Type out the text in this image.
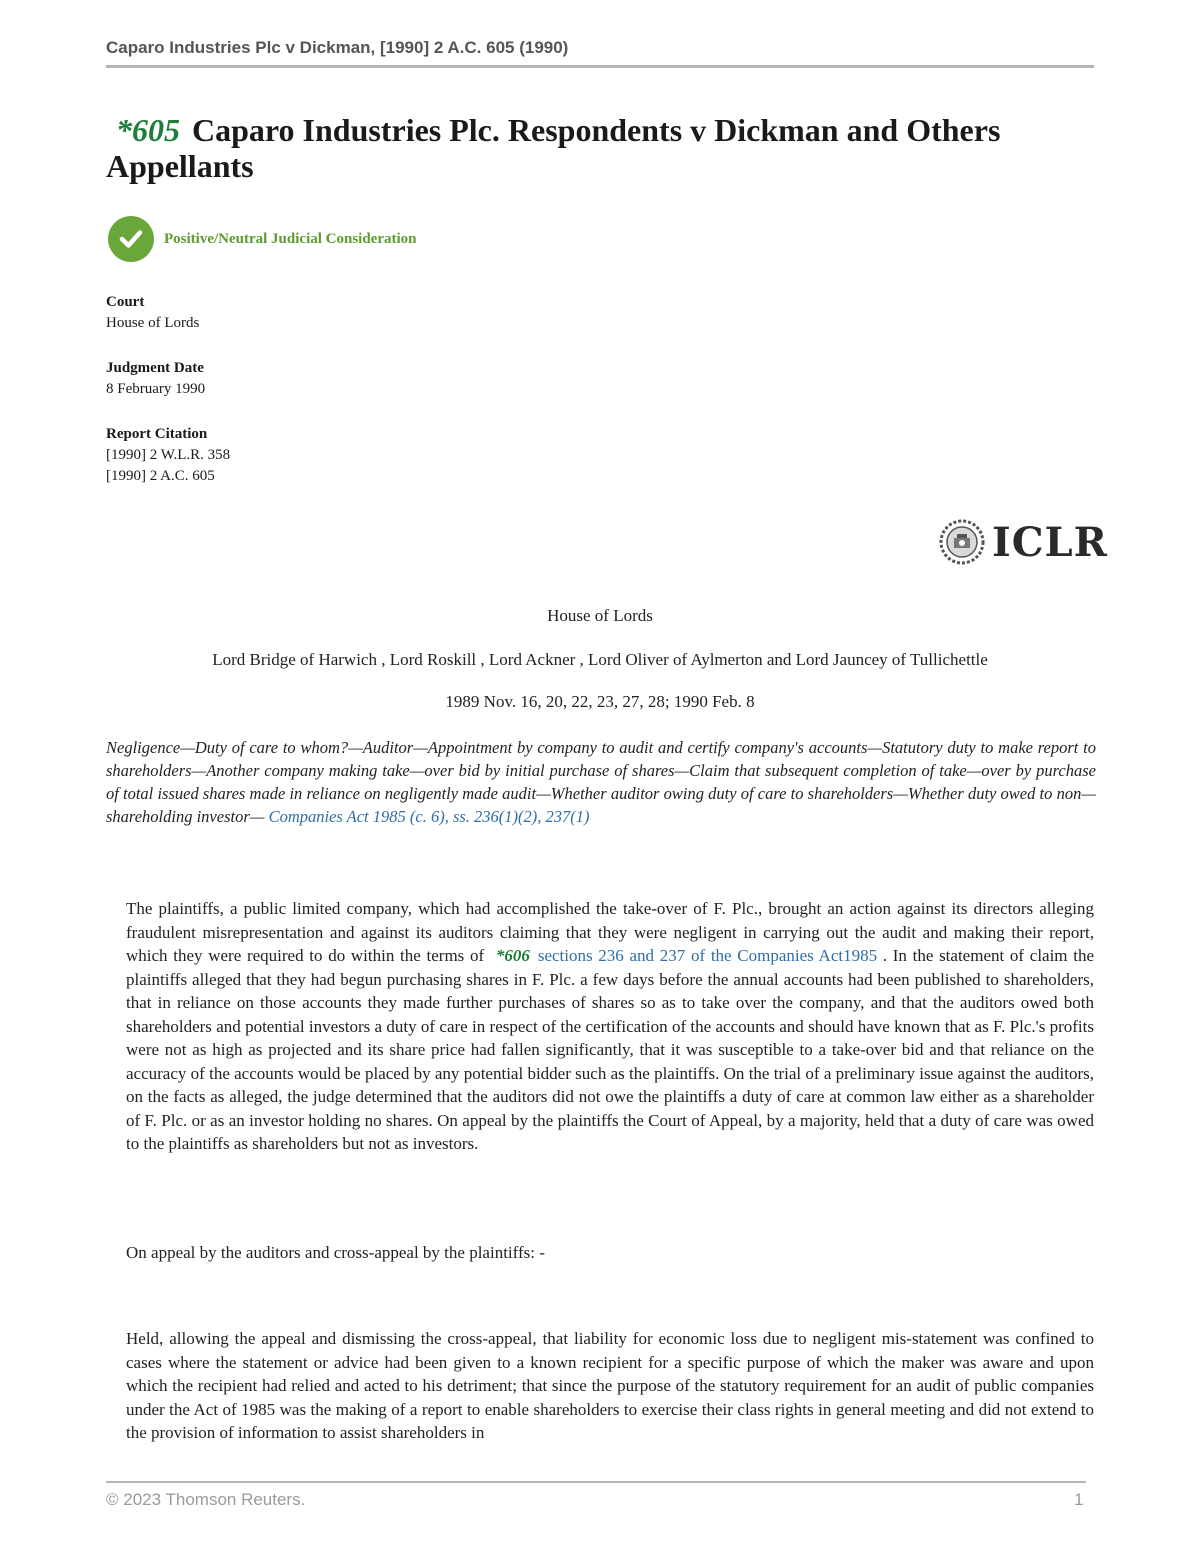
Caparo Industries Plc v Dickman, [1990] 2 A.C. 605 (1990)
*605 Caparo Industries Plc. Respondents v Dickman and Others Appellants
Positive/Neutral Judicial Consideration
Court
House of Lords
Judgment Date
8 February 1990
Report Citation
[1990] 2 W.L.R. 358
[1990] 2 A.C. 605
ICLR
House of Lords
Lord Bridge of Harwich , Lord Roskill , Lord Ackner , Lord Oliver of Aylmerton and Lord Jauncey of Tullichettle
1989 Nov. 16, 20, 22, 23, 27, 28; 1990 Feb. 8

Negligence—Duty of care to whom?—Auditor—Appointment by company to audit and certify company's accounts—Statutory duty to make report to shareholders—Another company making take—over bid by initial purchase of shares—Claim that subsequent completion of take—over by purchase of total issued shares made in reliance on negligently made audit—Whether auditor owing duty of care to shareholders—Whether duty owed to non—shareholding investor— Companies Act 1985 (c. 6), ss. 236(1)(2), 237(1)

The plaintiffs, a public limited company, which had accomplished the take-over of F. Plc., brought an action against its directors alleging fraudulent misrepresentation and against its auditors claiming that they were negligent in carrying out the audit and making their report, which they were required to do within the terms of *606 sections 236 and 237 of the Companies Act1985 . In the statement of claim the plaintiffs alleged that they had begun purchasing shares in F. Plc. a few days before the annual accounts had been published to shareholders, that in reliance on those accounts they made further purchases of shares so as to take over the company, and that the auditors owed both shareholders and potential investors a duty of care in respect of the certification of the accounts and should have known that as F. Plc.'s profits were not as high as projected and its share price had fallen significantly, that it was susceptible to a take-over bid and that reliance on the accuracy of the accounts would be placed by any potential bidder such as the plaintiffs. On the trial of a preliminary issue against the auditors, on the facts as alleged, the judge determined that the auditors did not owe the plaintiffs a duty of care at common law either as a shareholder of F. Plc. or as an investor holding no shares. On appeal by the plaintiffs the Court of Appeal, by a majority, held that a duty of care was owed to the plaintiffs as shareholders but not as investors.

On appeal by the auditors and cross-appeal by the plaintiffs: -

Held, allowing the appeal and dismissing the cross-appeal, that liability for economic loss due to negligent mis-statement was confined to cases where the statement or advice had been given to a known recipient for a specific purpose of which the maker was aware and upon which the recipient had relied and acted to his detriment; that since the purpose of the statutory requirement for an audit of public companies under the Act of 1985 was the making of a report to enable shareholders to exercise their class rights in general meeting and did not extend to the provision of information to assist shareholders in

© 2023 Thomson Reuters.	1
